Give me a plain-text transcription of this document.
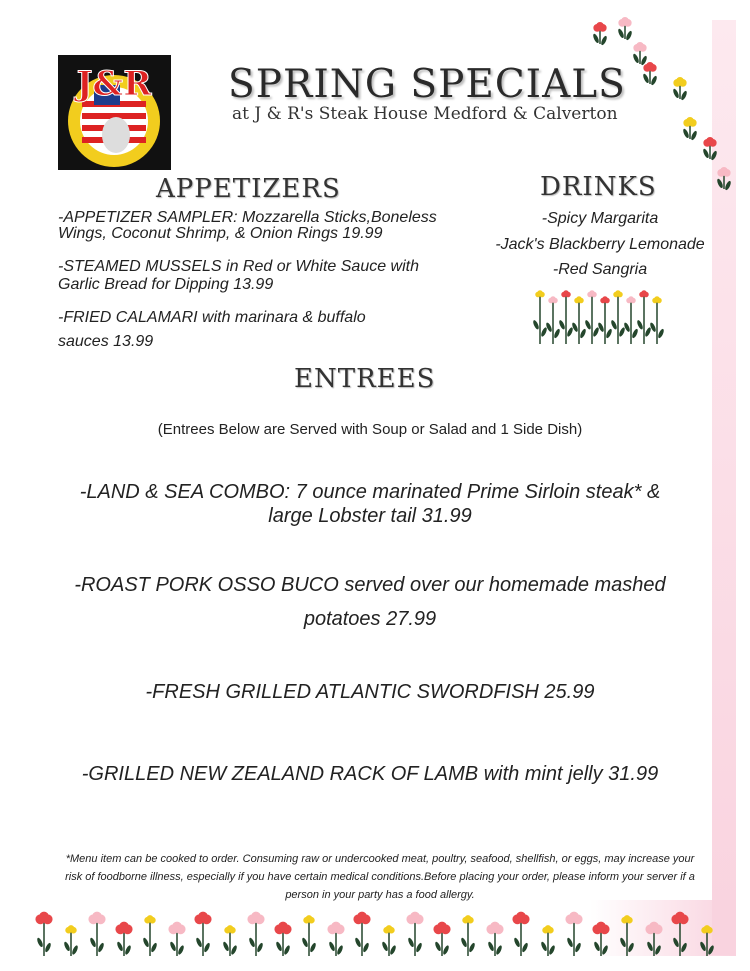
J&R SPRING SPECIALS
at J & R's Steak House Medford & Calverton
APPETIZERS
-APPETIZER SAMPLER: Mozzarella Sticks,Boneless
Wings, Coconut Shrimp, & Onion Rings 19.99
-STEAMED MUSSELS in Red or White Sauce with
Garlic Bread for Dipping 13.99
-FRIED CALAMARI with marinara & buffalo
sauces 13.99
DRINKS
-Spicy Margarita
-Jack's Blackberry Lemonade
-Red Sangria
ENTREES
(Entrees Below are Served with Soup or Salad and 1 Side Dish)
-LAND & SEA COMBO: 7 ounce marinated Prime Sirloin steak* &
large Lobster tail 31.99
-ROAST PORK OSSO BUCO served over our homemade mashed
potatoes 27.99
-FRESH GRILLED ATLANTIC SWORDFISH 25.99
-GRILLED NEW ZEALAND RACK OF LAMB with mint jelly 31.99
*Menu item can be cooked to order. Consuming raw or undercooked meat, poultry, seafood, shellfish, or eggs, may increase your
risk of foodborne illness, especially if you have certain medical conditions.Before placing your order, please inform your server if a
person in your party has a food allergy.
